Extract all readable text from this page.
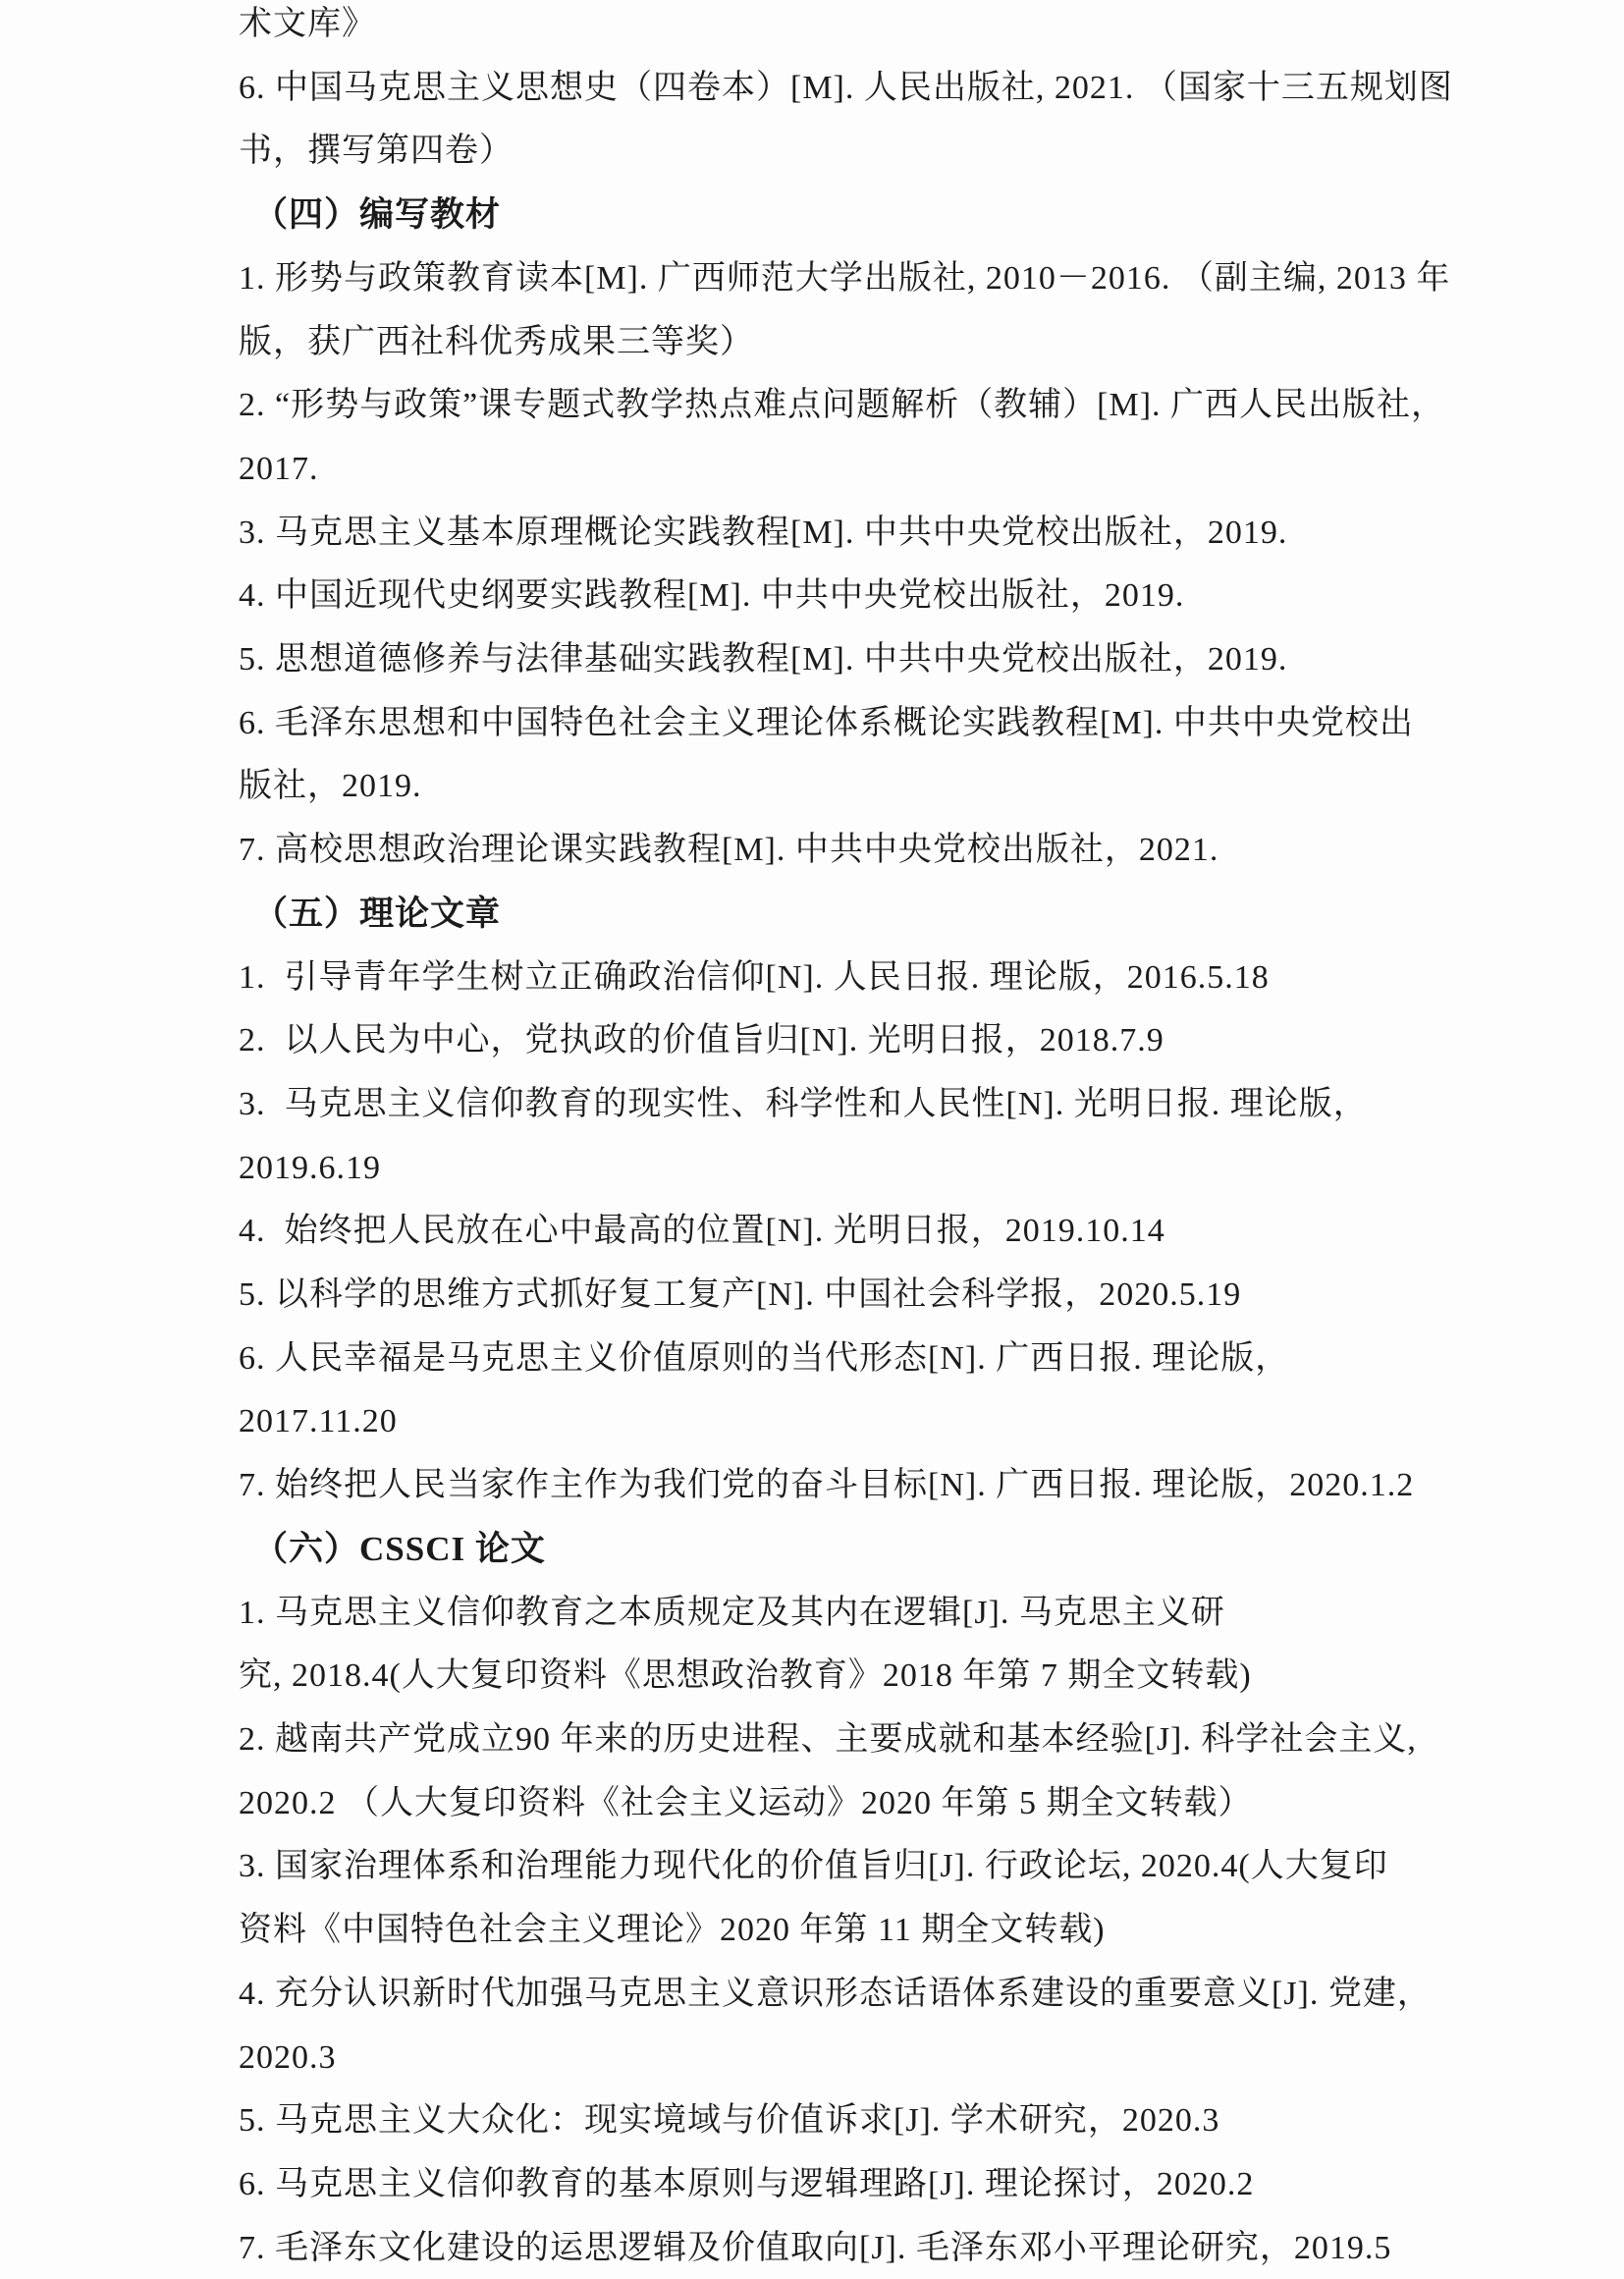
术文库》
6. 中国马克思主义思想史（四卷本）[M]. 人民出版社, 2021. （国家十三五规划图
书，撰写第四卷）
（四）编写教材
1. 形势与政策教育读本[M]. 广西师范大学出版社, 2010－2016. （副主编, 2013 年
版，获广西社科优秀成果三等奖）
2. “形势与政策”课专题式教学热点难点问题解析（教辅）[M]. 广西人民出版社，
2017.
3. 马克思主义基本原理概论实践教程[M]. 中共中央党校出版社，2019.
4. 中国近现代史纲要实践教程[M]. 中共中央党校出版社，2019.
5. 思想道德修养与法律基础实践教程[M]. 中共中央党校出版社，2019.
6. 毛泽东思想和中国特色社会主义理论体系概论实践教程[M]. 中共中央党校出
版社，2019.
7. 高校思想政治理论课实践教程[M]. 中共中央党校出版社，2021.
（五）理论文章
1.  引导青年学生树立正确政治信仰[N]. 人民日报. 理论版，2016.5.18
2.  以人民为中心，党执政的价值旨归[N]. 光明日报，2018.7.9
3.  马克思主义信仰教育的现实性、科学性和人民性[N]. 光明日报. 理论版，
2019.6.19
4.  始终把人民放在心中最高的位置[N]. 光明日报，2019.10.14
5. 以科学的思维方式抓好复工复产[N]. 中国社会科学报，2020.5.19
6. 人民幸福是马克思主义价值原则的当代形态[N]. 广西日报. 理论版，
2017.11.20
7. 始终把人民当家作主作为我们党的奋斗目标[N]. 广西日报. 理论版，2020.1.2
（六）CSSCI 论文
1. 马克思主义信仰教育之本质规定及其内在逻辑[J]. 马克思主义研
究, 2018.4(人大复印资料《思想政治教育》2018 年第 7 期全文转载)
2. 越南共产党成立90 年来的历史进程、主要成就和基本经验[J]. 科学社会主义,
2020.2 （人大复印资料《社会主义运动》2020 年第 5 期全文转载）
3. 国家治理体系和治理能力现代化的价值旨归[J]. 行政论坛, 2020.4(人大复印
资料《中国特色社会主义理论》2020 年第 11 期全文转载)
4. 充分认识新时代加强马克思主义意识形态话语体系建设的重要意义[J]. 党建，
2020.3
5. 马克思主义大众化：现实境域与价值诉求[J]. 学术研究，2020.3
6. 马克思主义信仰教育的基本原则与逻辑理路[J]. 理论探讨，2020.2
7. 毛泽东文化建设的运思逻辑及价值取向[J]. 毛泽东邓小平理论研究，2019.5
